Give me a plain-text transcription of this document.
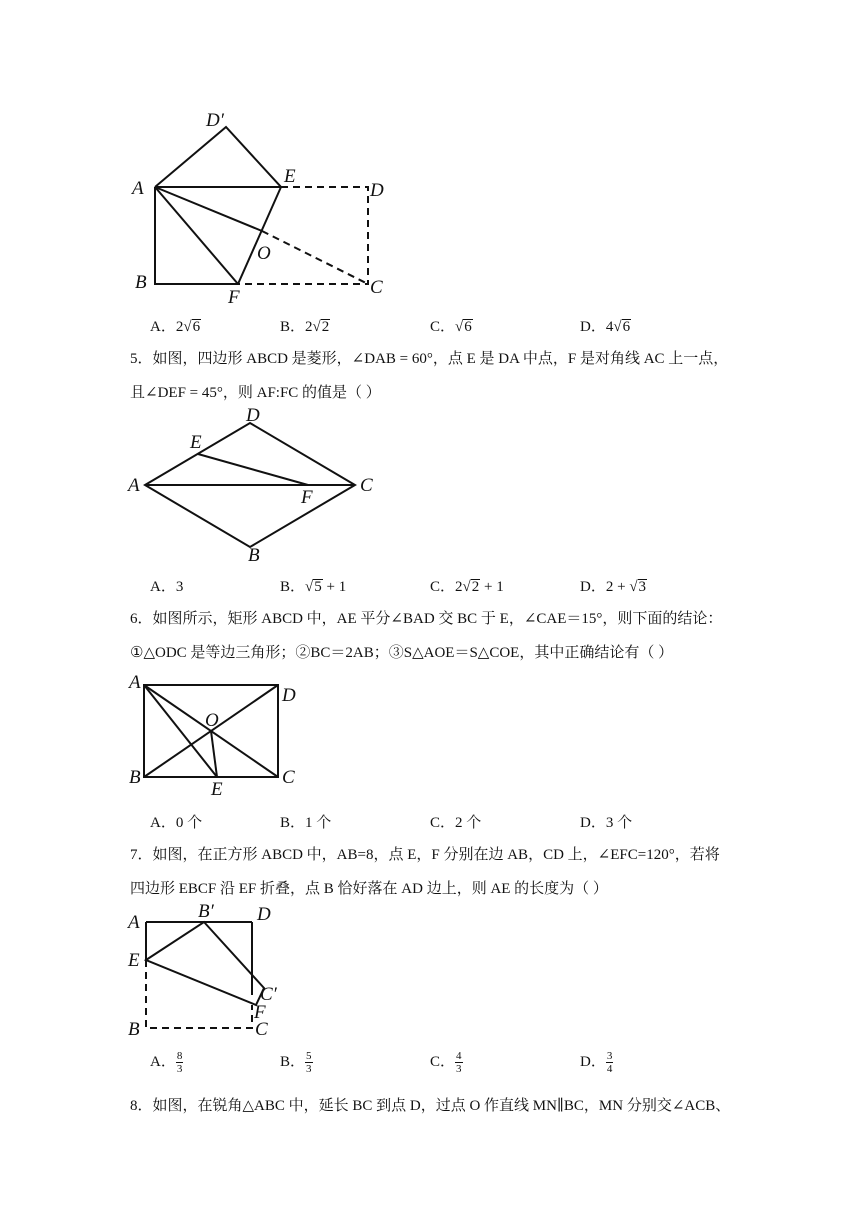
D′
E
D
A
O
B
F	C
A．2√6	B．2√2	C．√6	D．4√6
5．如图，四边形 ABCD 是菱形，∠DAB = 60°，点 E 是 DA 中点，F 是对角线 AC 上一点，
且∠DEF = 45°，则 AF:FC 的值是（ ）
D
E
A
F
C
B
A．3	B．√5 + 1	C．2√2 + 1	D．2 + √3
6．如图所示，矩形 ABCD 中，AE 平分∠BAD 交 BC 于 E，∠CAE＝15°，则下面的结论：
①△ODC 是等边三角形；②BC＝2AB；③S△AOE＝S△COE，其中正确结论有（ ）
A
D
O
B
E
C
A．0 个	B．1 个	C．2 个	D．3 个
7．如图，在正方形 ABCD 中，AB=8，点 E，F 分别在边 AB，CD 上，∠EFC=120°，若将
四边形 EBCF 沿 EF 折叠，点 B 恰好落在 AD 边上，则 AE 的长度为（ ）
A
B′ D
E
C′
F
B	C
A． $\frac{8}{3}$	B． $\frac{5}{3}$	C． $\frac{4}{3}$	D． $\frac{3}{4}$
8．如图，在锐角△ABC 中，延长 BC 到点 D，过点 O 作直线 MN∥BC，MN 分别交∠ACB、
